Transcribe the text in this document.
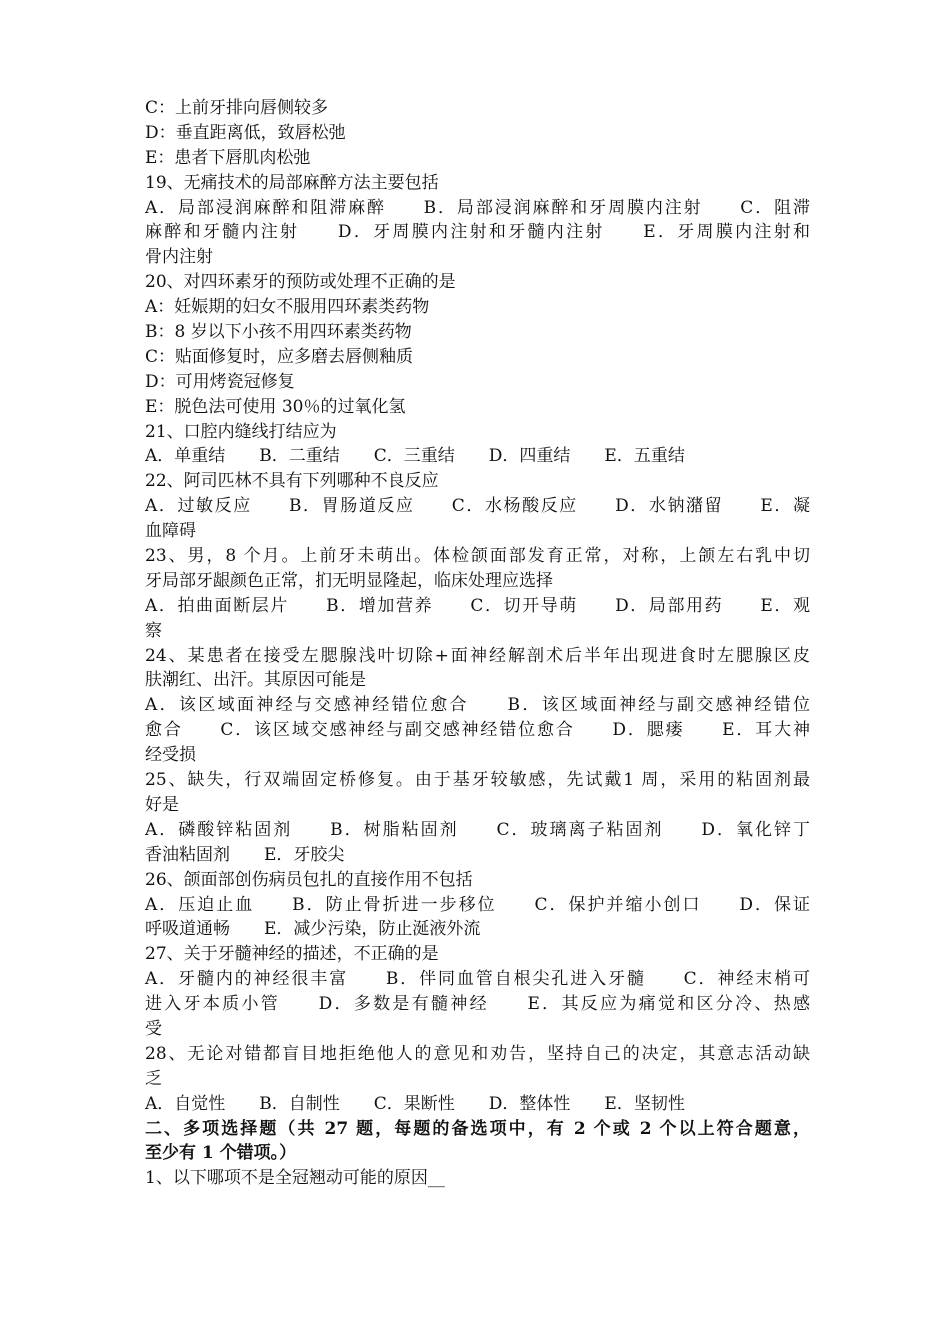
C：上前牙排向唇侧较多
D：垂直距离低，致唇松弛
E：患者下唇肌肉松弛
19、无痛技术的局部麻醉方法主要包括
A．局部浸润麻醉和阻滞麻醉　　B．局部浸润麻醉和牙周膜内注射　　C．阻滞
麻醉和牙髓内注射　　D．牙周膜内注射和牙髓内注射　　E．牙周膜内注射和
骨内注射
20、对四环素牙的预防或处理不正确的是
A：妊娠期的妇女不服用四环素类药物
B：8 岁以下小孩不用四环素类药物
C：贴面修复时，应多磨去唇侧釉质
D：可用烤瓷冠修复
E：脱色法可使用 30％的过氧化氢
21、口腔内缝线打结应为
A．单重结　　B．二重结　　C．三重结　　D．四重结　　E．五重结
22、阿司匹林不具有下列哪种不良反应
A．过敏反应　　B．胃肠道反应　　C．水杨酸反应　　D．水钠潴留　　E．凝
血障碍
23、男，8 个月。上前牙未萌出。体检颌面部发育正常，对称，上颌左右乳中切
牙局部牙龈颜色正常，扪无明显隆起，临床处理应选择
A．拍曲面断层片　　B．增加营养　　C．切开导萌　　D．局部用药　　E．观
察
24、某患者在接受左腮腺浅叶切除+面神经解剖术后半年出现进食时左腮腺区皮
肤潮红、出汗。其原因可能是
A．该区域面神经与交感神经错位愈合　　B．该区域面神经与副交感神经错位
愈合　　C．该区域交感神经与副交感神经错位愈合　　D．腮瘘　　E．耳大神
经受损
25、缺失，行双端固定桥修复。由于基牙较敏感，先试戴1 周，采用的粘固剂最
好是
A．磷酸锌粘固剂　　B．树脂粘固剂　　C．玻璃离子粘固剂　　D．氧化锌丁
香油粘固剂　　E．牙胶尖
26、颌面部创伤病员包扎的直接作用不包括
A．压迫止血　　B．防止骨折进一步移位　　C．保护并缩小创口　　D．保证
呼吸道通畅　　E．减少污染，防止涎液外流
27、关于牙髓神经的描述，不正确的是
A．牙髓内的神经很丰富　　B．伴同血管自根尖孔进入牙髓　　C．神经末梢可
进入牙本质小管　　D．多数是有髓神经　　E．其反应为痛觉和区分冷、热感
受
28、无论对错都盲目地拒绝他人的意见和劝告，坚持自己的决定，其意志活动缺
乏
A．自觉性　　B．自制性　　C．果断性　　D．整体性　　E．坚韧性
二、多项选择题（共 27 题，每题的备选项中，有 2 个或 2 个以上符合题意，
至少有 1 个错项。）
1、以下哪项不是全冠翘动可能的原因__
